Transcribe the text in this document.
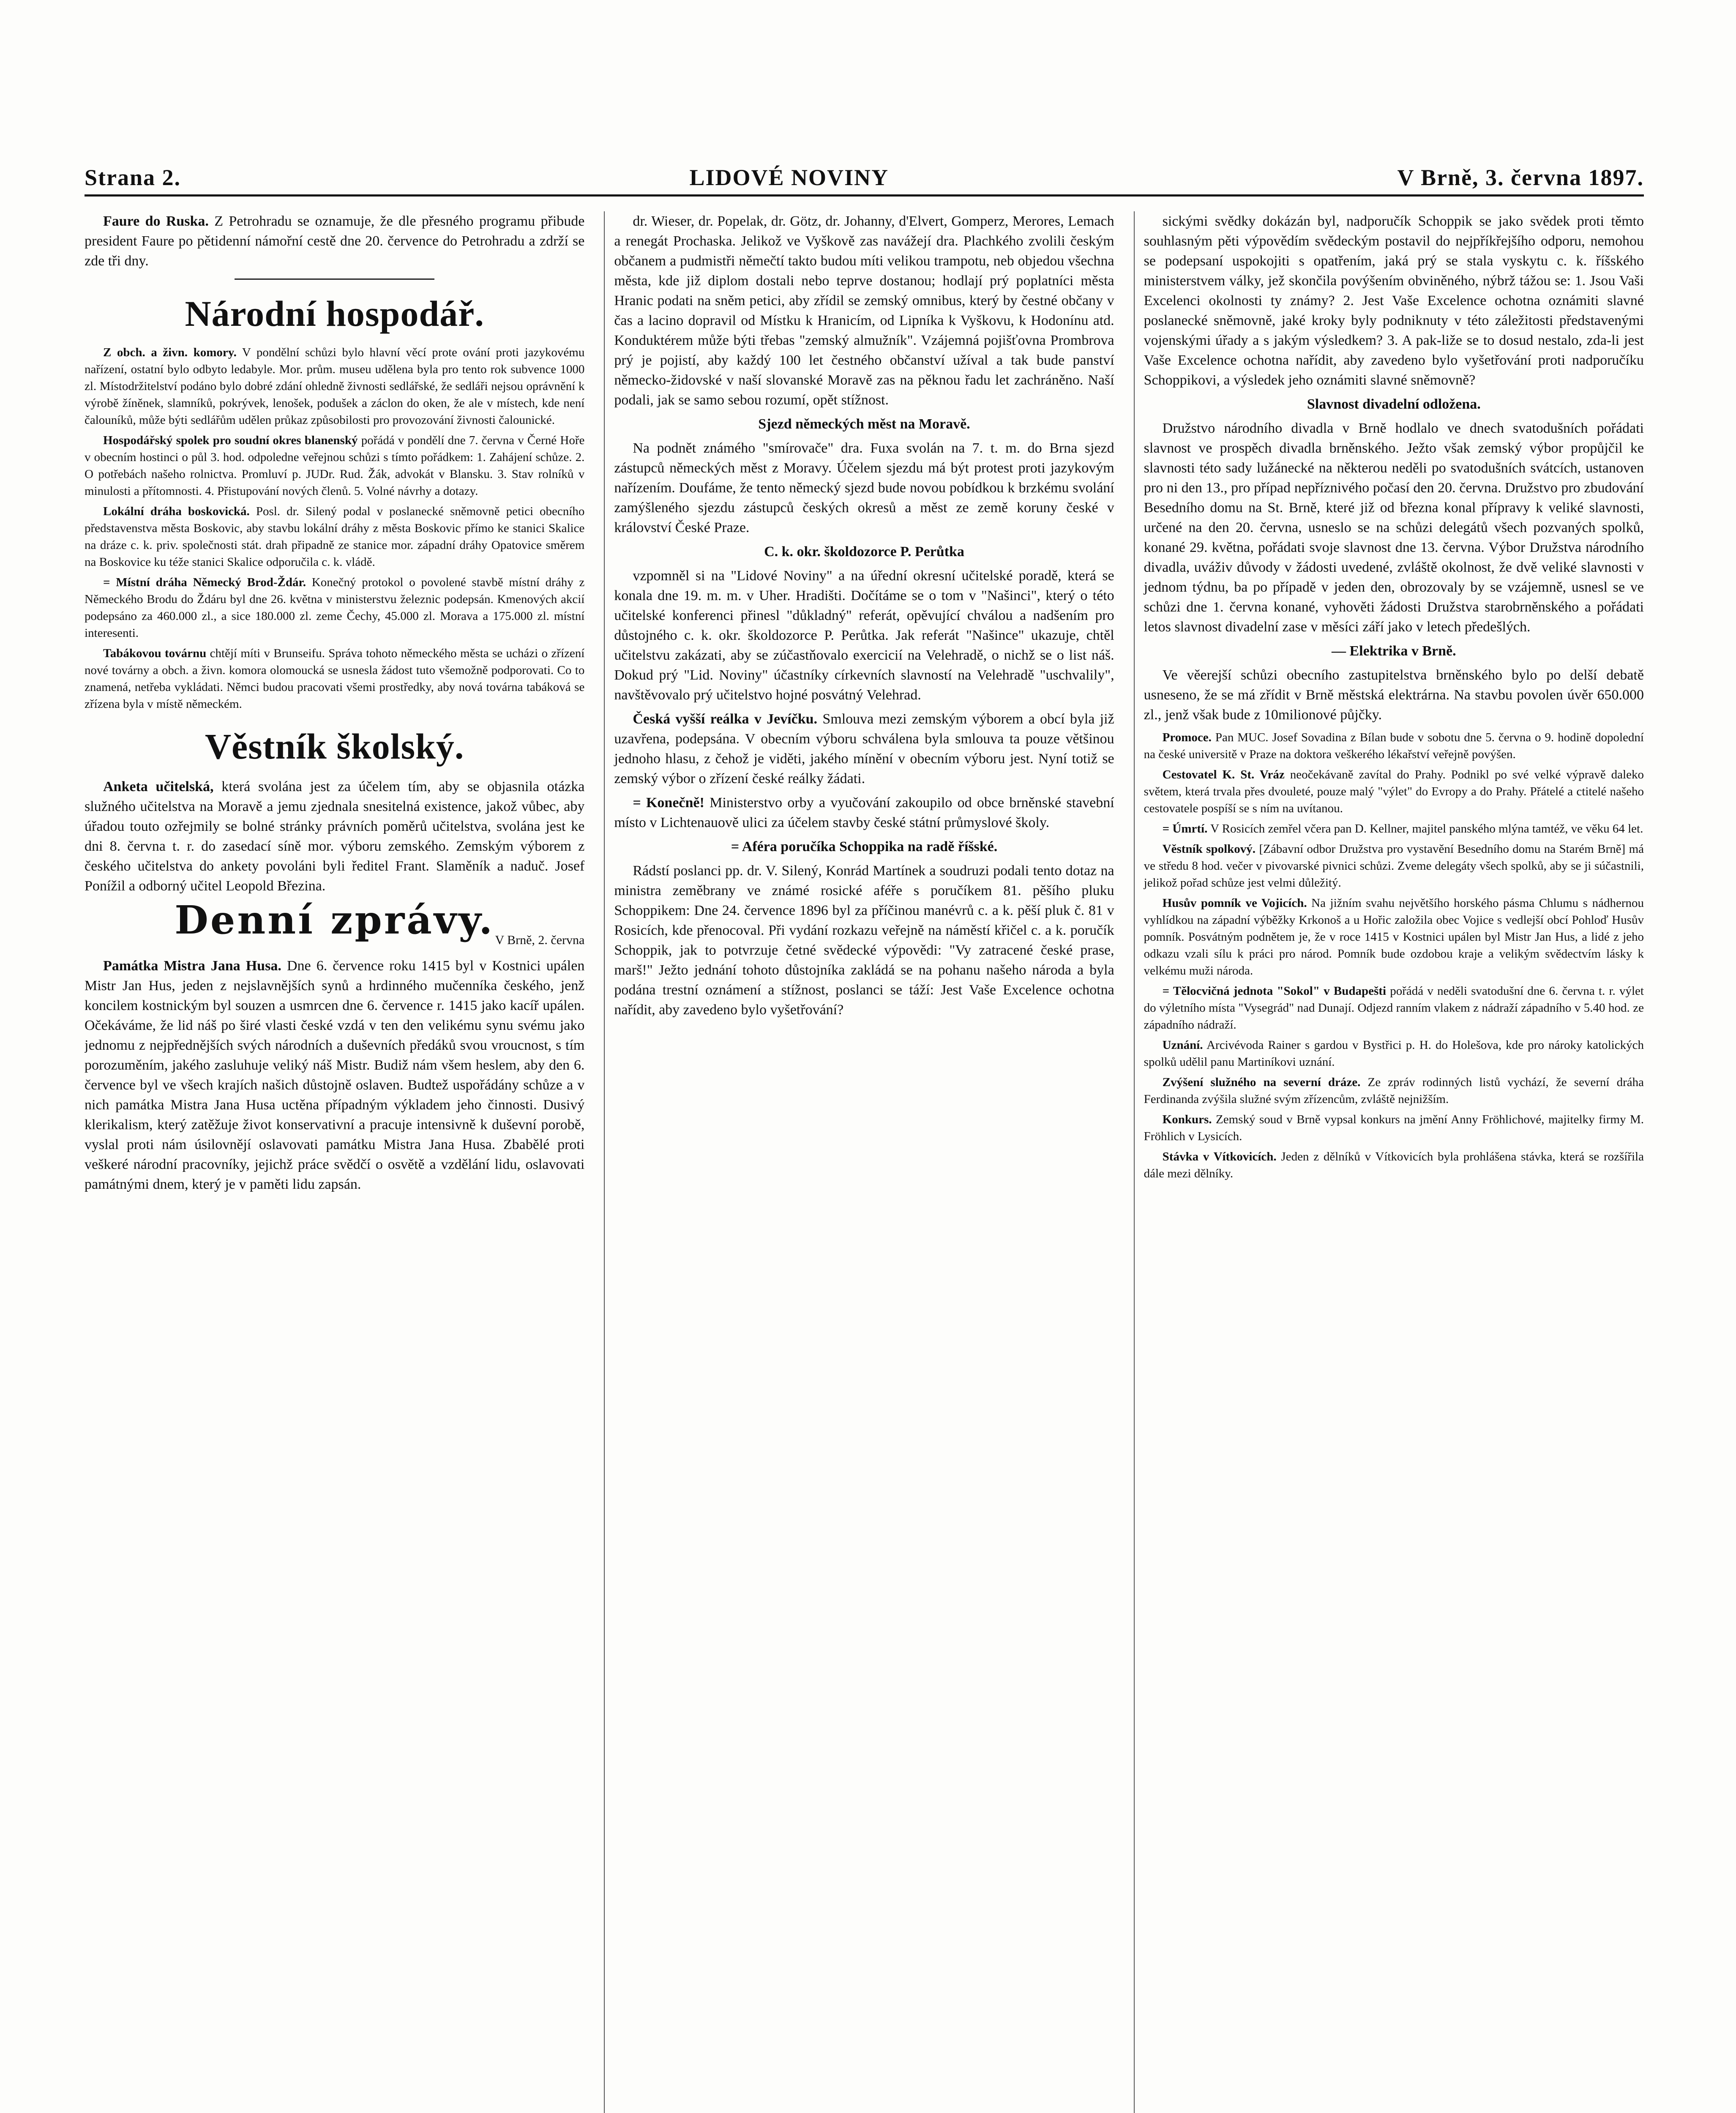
Strana 2.	LIDOVÉ NOVINY	V Brně, 3. června 1897.

Faure do Ruska. Z Petrohradu se oznamuje, že dle přesného programu přibude president Faure po pětidenní námořní cestě dne 20. července do Petrohradu a zdrží se zde tři dny.

Národní hospodář.

Z obch. a živn. komory. V pondělní schůzi bylo hlavní věcí prote ování proti jazykovému nařízení, ostatní bylo odbyto ledabyle. Mor. prům. museu udělena byla pro tento rok subvence 1000 zl. Místodržitelství podáno bylo dobré zdání ohledně živnosti sedlářské, že sedláři nejsou oprávnění k výrobě žíněnek, slamníků, pokrývek, lenošek, podušek a záclon do oken, že ale v místech, kde není čalouníků, může býti sedlářům udělen průkaz způsobilosti pro provozování živnosti čalounické.

Hospodářský spolek pro soudní okres blanenský pořádá v pondělí dne 7. června v Černé Hoře v obecním hostinci o půl 3. hod. odpoledne veřejnou schůzi s tímto pořádkem: 1. Zahájení schůze. 2. O potřebách našeho rolnictva. Promluví p. JUDr. Rud. Žák, advokát v Blansku. 3. Stav rolníků v minulosti a přítomnosti. 4. Přistupování nových členů. 5. Volné návrhy a dotazy.

Lokální dráha boskovická. Posl. dr. Silený podal v poslanecké sněmovně petici obecního představenstva města Boskovic, aby stavbu lokální dráhy z města Boskovic přímo ke stanici Skalice na dráze c. k. priv. společnosti stát. drah připadně ze stanice mor. západní dráhy Opatovice směrem na Boskovice ku téže stanici Skalice odporučila c. k. vládě.

= Místní dráha Německý Brod-Ždár. Konečný protokol o povolené stavbě místní dráhy z Německého Brodu do Ždáru byl dne 26. května v ministerstvu železnic podepsán. Kmenových akcií podepsáno za 460.000 zl., a sice 180.000 zl. zeme Čechy, 45.000 zl. Morava a 175.000 zl. místní interesenti.

Tabákovou továrnu chtějí míti v Brunseifu. Správa tohoto německého města se ucházi o zřízení nové továrny a obch. a živn. komora olomoucká se usnesla žádost tuto všemožně podporovati. Co to znamená, netřeba vykládati. Němci budou pracovati všemi prostředky, aby nová továrna tabáková se zřízena byla v místě německém.

Věstník školský.

Anketa učitelská, která svolána jest za účelem tím, aby se objasnila otázka služného učitelstva na Moravě a jemu zjednala snesitelná existence, jakož vůbec, aby úřadou touto ozřejmily se bolné stránky právních poměrů učitelstva, svolána jest ke dni 8. června t. r. do zasedací síně mor. výboru zemského. Zemským výborem z českého učitelstva do ankety povoláni byli ředitel Frant. Slaměník a naduč. Josef Ponížil a odborný učitel Leopold Březina.

Denní zprávy. V Brně, 2. června

Památka Mistra Jana Husa. Dne 6. července roku 1415 byl v Kostnici upálen Mistr Jan Hus, jeden z nejslavnějších synů a hrdinného mučenníka českého, jenž koncilem kostnickým byl souzen a usmrcen dne 6. července r. 1415 jako kacíř upálen. Očekáváme, že lid náš po širé vlasti české vzdá v ten den velikému synu svému jako jednomu z nejpřednějších svých národních a duševních předáků svou vroucnost, s tím porozuměním, jakého zasluhuje veliký náš Mistr. Budiž nám všem heslem, aby den 6. července byl ve všech krajích našich důstojně oslaven. Budtež uspořádány schůze a v nich památka Mistra Jana Husa uctěna případným výkladem jeho činnosti. Dusivý klerikalism, který zatěžuje život konservativní a pracuje intensivně k duševní porobě, vyslal proti nám úsilovnějí oslavovati památku Mistra Jana Husa. Zbabělé proti veškeré národní pracovníky, jejichž práce svědčí o osvětě a vzdělání lidu, oslavovati památnými dnem, který je v paměti lidu zapsán.

dr. Wieser, dr. Popelak, dr. Götz, dr. Johanny, d'Elvert, Gomperz, Merores, Lemach a renegát Prochaska. Jelikož ve Vyškově zas navážejí dra. Plachkého zvolili českým občanem a pudmistři němečtí takto budou míti velikou trampotu, neb objedou všechna města, kde již diplom dostali nebo teprve dostanou; hodlají prý poplatníci města Hranic podati na sněm petici, aby zřídil se zemský omnibus, který by čestné občany v čas a lacino dopravil od Místku k Hranicím, od Lipníka k Vyškovu, k Hodonínu atd. Konduktérem může býti třebas "zemský almužník". Vzájemná pojišťovna Prombrova prý je pojistí, aby každý 100 let čestného občanství užíval a tak bude panství německo-židovské v naší slovanské Moravě zas na pěknou řadu let zachráněno. Naší podali, jak se samo sebou rozumí, opět stížnost.

Sjezd německých měst na Moravě.

Na podnět známého "smírovače" dra. Fuxa svolán na 7. t. m. do Brna sjezd zástupců německých měst z Moravy. Účelem sjezdu má být protest proti jazykovým nařízením. Doufáme, že tento německý sjezd bude novou pobídkou k brzkému svolání zamýšleného sjezdu zástupců českých okresů a měst ze země koruny české v království České Praze.

C. k. okr. školdozorce P. Perůtka

vzpomněl si na "Lidové Noviny" a na úřední okresní učitelské poradě, která se konala dne 19. m. m. v Uher. Hradišti. Dočítáme se o tom v "Našinci", který o této učitelské konferenci přinesl "důkladný" referát, opěvující chválou a nadšením pro důstojného c. k. okr. školdozorce P. Perůtka. Jak referát "Našince" ukazuje, chtěl učitelstvu zakázati, aby se zúčastňovalo exercicií na Velehradě, o nichž se o list náš. Dokud prý "Lid. Noviny" účastníky církevních slavností na Velehradě "uschvalily", navštěvovalo prý učitelstvo hojné posvátný Velehrad.

Česká vyšší reálka v Jevíčku. Smlouva mezi zemským výborem a obcí byla již uzavřena, podepsána. V obecním výboru schválena byla smlouva ta pouze většinou jednoho hlasu, z čehož je viděti, jakého mínění v obecním výboru jest. Nyní totiž se zemský výbor o zřízení české reálky žádati.

= Konečně! Ministerstvo orby a vyučování zakoupilo od obce brněnské stavební místo v Lichtenauově ulici za účelem stavby české státní průmyslové školy.

= Aféra poručíka Schoppika na radě říšské.

Rádstí poslanci pp. dr. V. Silený, Konrád Martínek a soudruzi podali tento dotaz na ministra zeměbrany ve známé rosické aféře s poručíkem 81. pěšího pluku Schoppikem: Dne 24. července 1896 byl za příčinou manévrů c. a k. pěší pluk č. 81 v Rosicích, kde přenocoval. Při vydání rozkazu veřejně na náměstí křičel c. a k. poručík Schoppik, jak to potvrzuje četné svědecké výpovědi: "Vy zatracené české prase, marš!" Ježto jednání tohoto důstojníka zakládá se na pohanu našeho národa a byla podána trestní oznámení a stížnost, poslanci se táží: Jest Vaše Excelence ochotna nařídit, aby zavedeno bylo vyšetřování?

sickými svědky dokázán byl, nadporučík Schoppik se jako svědek proti těmto souhlasným pěti výpovědím svědeckým postavil do nejpříkřejšího odporu, nemohou se podepsaní uspokojiti s opatřením, jaká prý se stala vyskytu c. k. říšského ministerstvem války, jež skončila povýšením obviněného, nýbrž tážou se: 1. Jsou Vaši Excelenci okolnosti ty známy? 2. Jest Vaše Excelence ochotna oznámiti slavné poslanecké sněmovně, jaké kroky byly podniknuty v této záležitosti představenými vojenskými úřady a s jakým výsledkem? 3. A pak-liže se to dosud nestalo, zda-li jest Vaše Excelence ochotna nařídit, aby zavedeno bylo vyšetřování proti nadporučíku Schoppikovi, a výsledek jeho oznámiti slavné sněmovně?

Slavnost divadelní odložena.

Družstvo národního divadla v Brně hodlalo ve dnech svatodušních pořádati slavnost ve prospěch divadla brněnského. Ježto však zemský výbor propůjčil ke slavnosti této sady lužánecké na některou neděli po svatodušních svátcích, ustanoven pro ni den 13., pro případ nepříznivého počasí den 20. června. Družstvo pro zbudování Besedního domu na St. Brně, které již od března konal přípravy k veliké slavnosti, určené na den 20. června, usneslo se na schůzi delegátů všech pozvaných spolků, konané 29. května, pořádati svoje slavnost dne 13. června. Výbor Družstva národního divadla, uváživ důvody v žádosti uvedené, zvláště okolnost, že dvě veliké slavnosti v jednom týdnu, ba po případě v jeden den, obrozovaly by se vzájemně, usnesl se ve schůzi dne 1. června konané, vyhověti žádosti Družstva starobrněnského a pořádati letos slavnost divadelní zase v měsíci září jako v letech předešlých.

— Elektrika v Brně.

Ve věerejší schůzi obecního zastupitelstva brněnského bylo po delší debatě usneseno, že se má zřídit v Brně městská elektrárna. Na stavbu povolen úvěr 650.000 zl., jenž však bude z 10milionové půjčky.

Promoce. Pan MUC. Josef Sovadina z Bílan bude v sobotu dne 5. června o 9. hodině dopolední na české universitě v Praze na doktora veškerého lékařství veřejně povýšen.

Cestovatel K. St. Vráz neočekávaně zavítal do Prahy. Podnikl po své velké výpravě daleko světem, která trvala přes dvouleté, pouze malý "výlet" do Evropy a do Prahy. Přátelé a ctitelé našeho cestovatele pospíší se s ním na uvítanou.

= Úmrtí. V Rosicích zemřel včera pan D. Kellner, majitel panského mlýna tamtéž, ve věku 64 let.

Věstník spolkový. [Zábavní odbor Družstva pro vystavění Besedního domu na Starém Brně] má ve středu 8 hod. večer v pivovarské pivnici schůzi. Zveme delegáty všech spolků, aby se ji súčastnili, jelikož pořad schůze jest velmi důležitý.

Husův pomník ve Vojicích. Na jižním svahu největšího horského pásma Chlumu s nádhernou vyhlídkou na západní výběžky Krkonoš a u Hořic založila obec Vojice s vedlejší obcí Pohloď Husův pomník. Posvátným podnětem je, že v roce 1415 v Kostnici upálen byl Mistr Jan Hus, a lidé z jeho odkazu vzali sílu k práci pro národ. Pomník bude ozdobou kraje a velikým svědectvím lásky k velkému muži národa.

= Tělocvičná jednota "Sokol" v Budapešti pořádá v neděli svatodušní dne 6. června t. r. výlet do výletního místa "Vysegrád" nad Dunají. Odjezd ranním vlakem z nádraží západního v 5.40 hod. ze západního nádraží.

Uznání. Arcivévoda Rainer s gardou v Bystřici p. H. do Holešova, kde pro nároky katolických spolků udělil panu Martiníkovi uznání.

Zvýšení služného na severní dráze. Ze zpráv rodinných listů vychází, že severní dráha Ferdinanda zvýšila služné svým zřízencům, zvláště nejnižším.

Konkurs. Zemský soud v Brně vypsal konkurs na jmění Anny Fröhlichové, majitelky firmy M. Fröhlich v Lysicích.

Stávka v Vítkovicích. Jeden z dělníků v Vítkovicích byla prohlášena stávka, která se rozšířila dále mezi dělníky.
